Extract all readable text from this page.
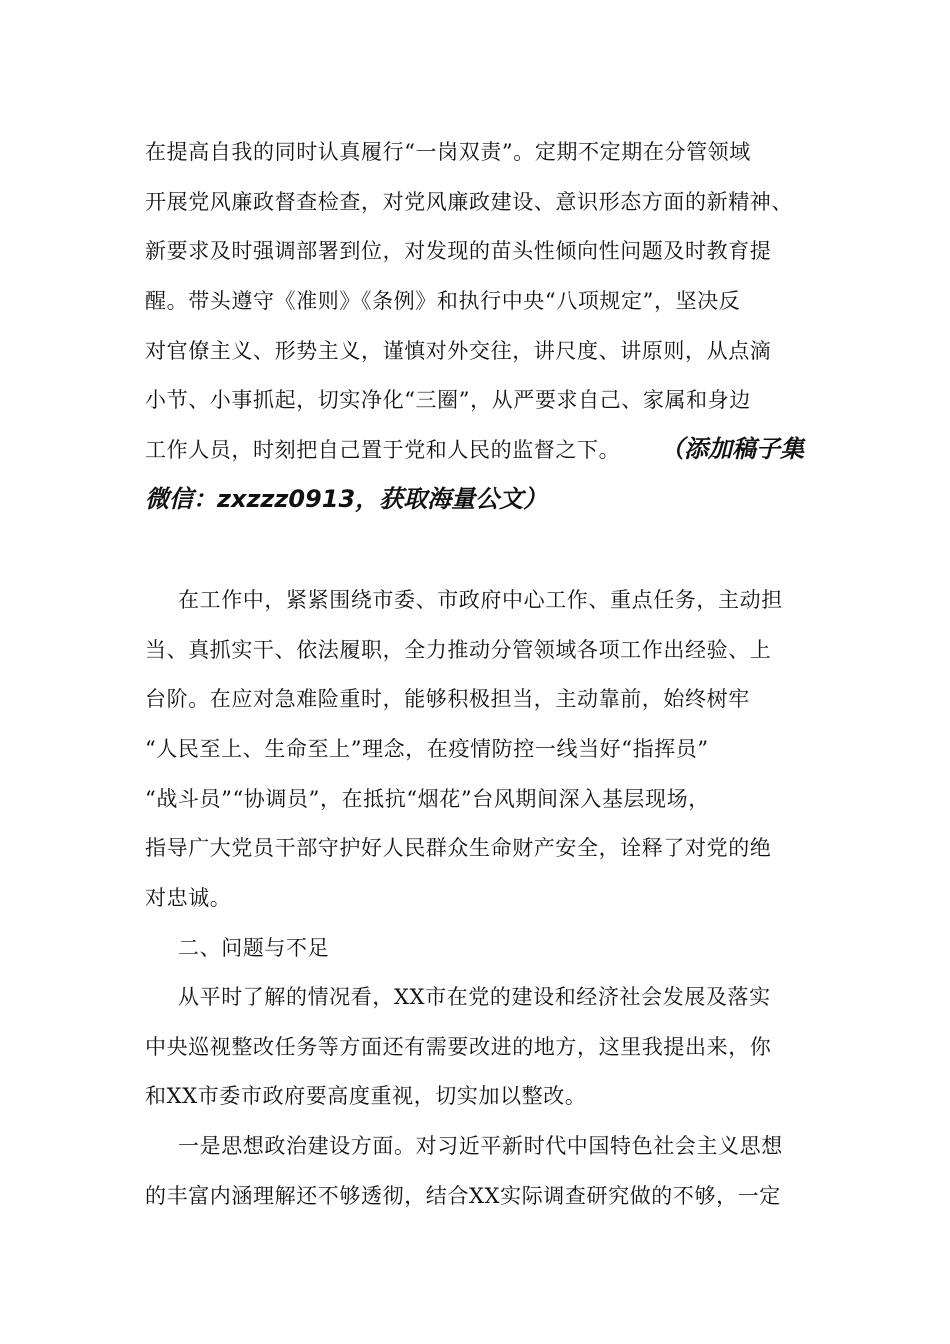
在提高自我的同时认真履行“一岗双责”。定期不定期在分管领域
开展党风廉政督查检查，对党风廉政建设、意识形态方面的新精神、
新要求及时强调部署到位，对发现的苗头性倾向性问题及时教育提
醒。带头遵守《准则》《条例》和执行中央“八项规定”，坚决反
对官僚主义、形势主义，谨慎对外交往，讲尺度、讲原则，从点滴
小节、小事抓起，切实净化“三圈”，从严要求自己、家属和身边
工作人员，时刻把自己置于党和人民的监督之下。 （添加稿子集
微信：zxzzz0913，获取海量公文）
在工作中，紧紧围绕市委、市政府中心工作、重点任务，主动担
当、真抓实干、依法履职，全力推动分管领域各项工作出经验、上
台阶。在应对急难险重时，能够积极担当，主动靠前，始终树牢
“人民至上、生命至上”理念，在疫情防控一线当好“指挥员”
“战斗员”“协调员”，在抵抗“烟花”台风期间深入基层现场，
指导广大党员干部守护好人民群众生命财产安全，诠释了对党的绝
对忠诚。
二、问题与不足
从平时了解的情况看，XX市在党的建设和经济社会发展及落实
中央巡视整改任务等方面还有需要改进的地方，这里我提出来，你
和XX市委市政府要高度重视，切实加以整改。
一是思想政治建设方面。对习近平新时代中国特色社会主义思想
的丰富内涵理解还不够透彻，结合XX实际调查研究做的不够，一定
